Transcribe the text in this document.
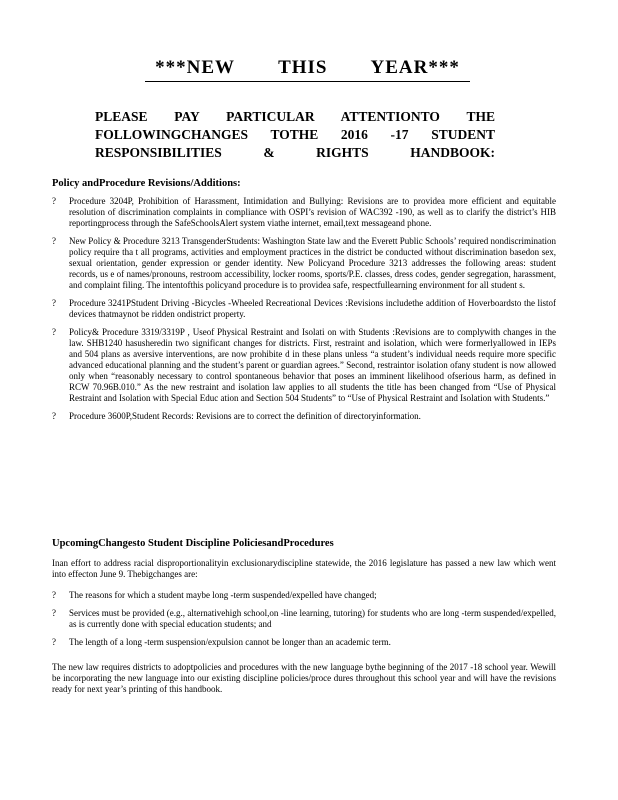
***NEW THIS YEAR***
PLEASE PAY PARTICULAR ATTENTIONTO THE
FOLLOWINGCHANGES TOTHE 2016 -17 STUDENT
RESPONSIBILITIES & RIGHTS HANDBOOK:
Policy andProcedure Revisions/Additions:
? Procedure 3204P, Prohibition of Harassment, Intimidation and Bullying: Revisions are to providea more efficient and equitable resolution of discrimination complaints in compliance with OSPI’s revision of WAC392 -190, as well as to clarify the district’s HIB reportingprocess through the SafeSchoolsAlert system viathe internet, email,text messageand phone.
? New Policy & Procedure 3213 TransgenderStudents: Washington State law and the Everett Public Schools’ required nondiscrimination policy require tha t all programs, activities and employment practices in the district be conducted without discrimination basedon sex, sexual orientation, gender expression or gender identity. New Policyand Procedure 3213 addresses the following areas: student records, us e of names/pronouns, restroom accessibility, locker rooms, sports/P.E. classes, dress codes, gender segregation, harassment, and complaint filing. The intentofthis policyand procedure is to providea safe, respectfullearning environment for all student s.
? Procedure 3241PStudent Driving -Bicycles -Wheeled Recreational Devices :Revisions includethe addition of Hoverboardsto the listof devices thatmaynot be ridden ondistrict property.
? Policy& Procedure 3319/3319P , Useof Physical Restraint and Isolati on with Students :Revisions are to complywith changes in the law. SHB1240 hasusheredin two significant changes for districts. First, restraint and isolation, which were formerlyallowed in IEPs and 504 plans as aversive interventions, are now prohibite d in these plans unless “a student’s individual needs require more specific advanced educational planning and the student’s parent or guardian agrees.” Second, restraintor isolation ofany student is now allowed only when “reasonably necessary to control spontaneous behavior that poses an imminent likelihood ofserious harm, as defined in RCW 70.96B.010.” As the new restraint and isolation law applies to all students the title has been changed from “Use of Physical Restraint and Isolation with Special Educ ation and Section 504 Students” to “Use of Physical Restraint and Isolation with Students.”
? Procedure 3600P,Student Records: Revisions are to correct the definition of directoryinformation.
UpcomingChangesto Student Discipline PoliciesandProcedures
Inan effort to address racial disproportionalityin exclusionarydiscipline statewide, the 2016 legislature has passed a new law which went into effecton June 9. Thebigchanges are:
? The reasons for which a student maybe long -term suspended/expelled have changed;
? Services must be provided (e.g., alternativehigh school,on -line learning, tutoring) for students who are long -term suspended/expelled, as is currently done with special education students; and
? The length of a long -term suspension/expulsion cannot be longer than an academic term.
The new law requires districts to adoptpolicies and procedures with the new language bythe beginning of the 2017 -18 school year. Wewill be incorporating the new language into our existing discipline policies/proce dures throughout this school year and will have the revisions ready for next year’s printing of this handbook.
